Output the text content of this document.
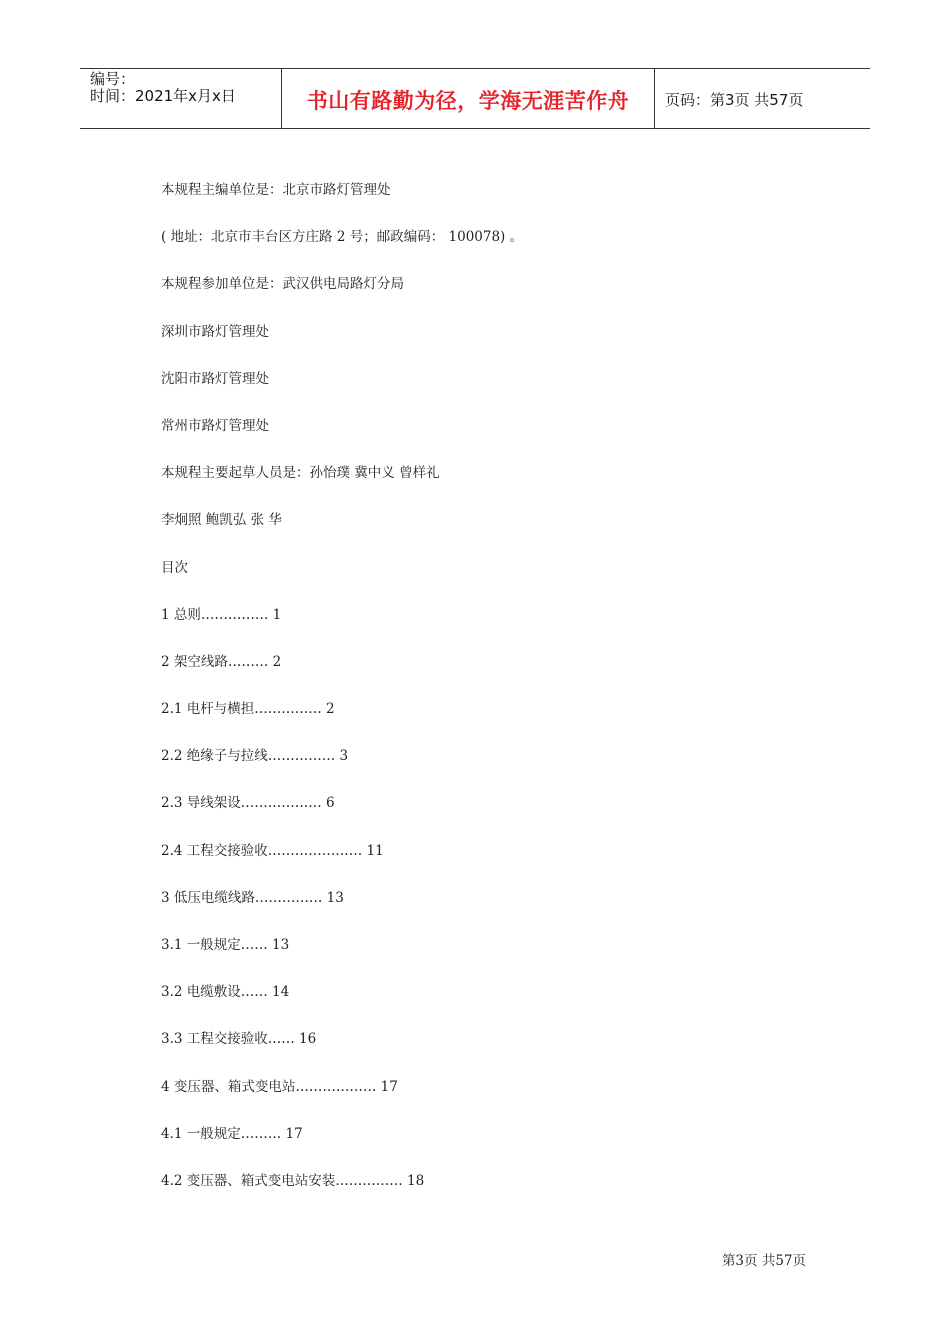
编号：
时间：2021年x月x日	书山有路勤为径，学海无涯苦作舟 页码：第3页 共57页
本规程主编单位是：北京市路灯管理处
( 地址：北京市丰台区方庄路 2 号；邮政编码： 100078) 。
本规程参加单位是：武汉供电局路灯分局
深圳市路灯管理处
沈阳市路灯管理处
常州市路灯管理处
本规程主要起草人员是：孙怡璞 冀中义 曾样礼
李炯照 鲍凯弘 张 华
目次
1 总则…………… 1
2 架空线路……… 2
2.1 电杆与横担…………… 2
2.2 绝缘子与拉线…………… 3
2.3 导线架设……………… 6
2.4 工程交接验收………………… 11
3 低压电缆线路…………… 13
3.1 一般规定…… 13
3.2 电缆敷设…… 14
3.3 工程交接验收…… 16
4 变压器、箱式变电站……………… 17
4.1 一般规定……… 17
4.2 变压器、箱式变电站安装…………… 18
第3页 共57页
